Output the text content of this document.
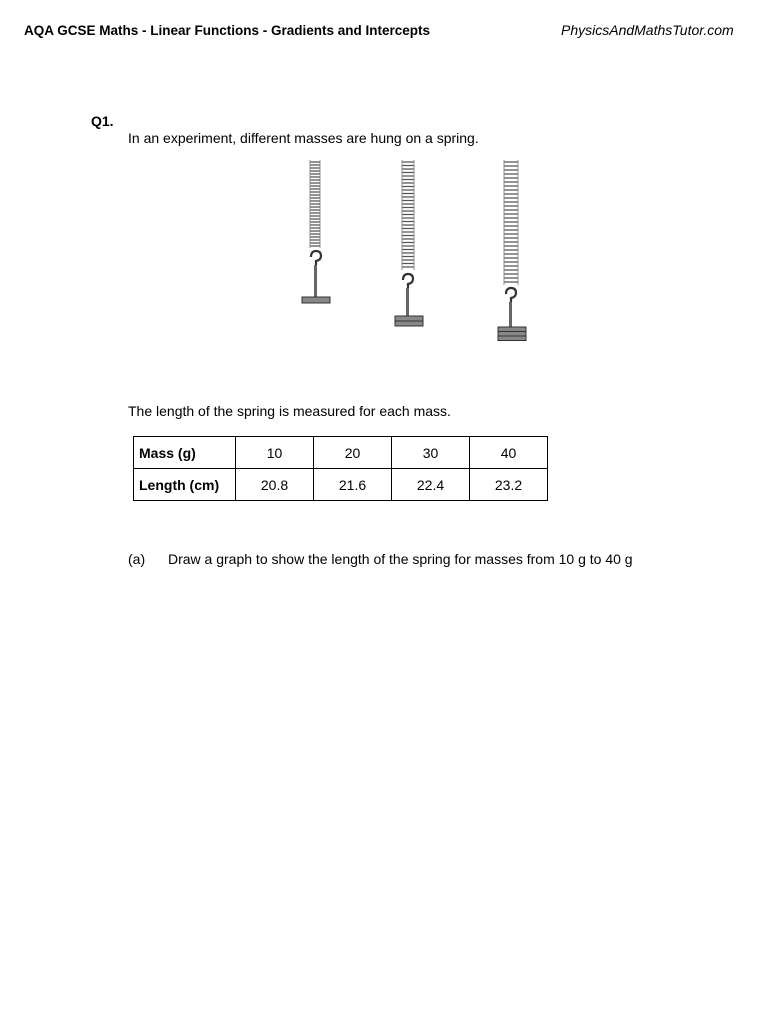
AQA GCSE Maths - Linear Functions - Gradients and Intercepts	PhysicsAndMathsTutor.com
Q1.
In an experiment, different masses are hung on a spring.
The length of the spring is measured for each mass.
Mass (g)	10	20	30	40
Length (cm)	20.8	21.6	22.4	23.2
(a) Draw a graph to show the length of the spring for masses from 10 g to 40 g
